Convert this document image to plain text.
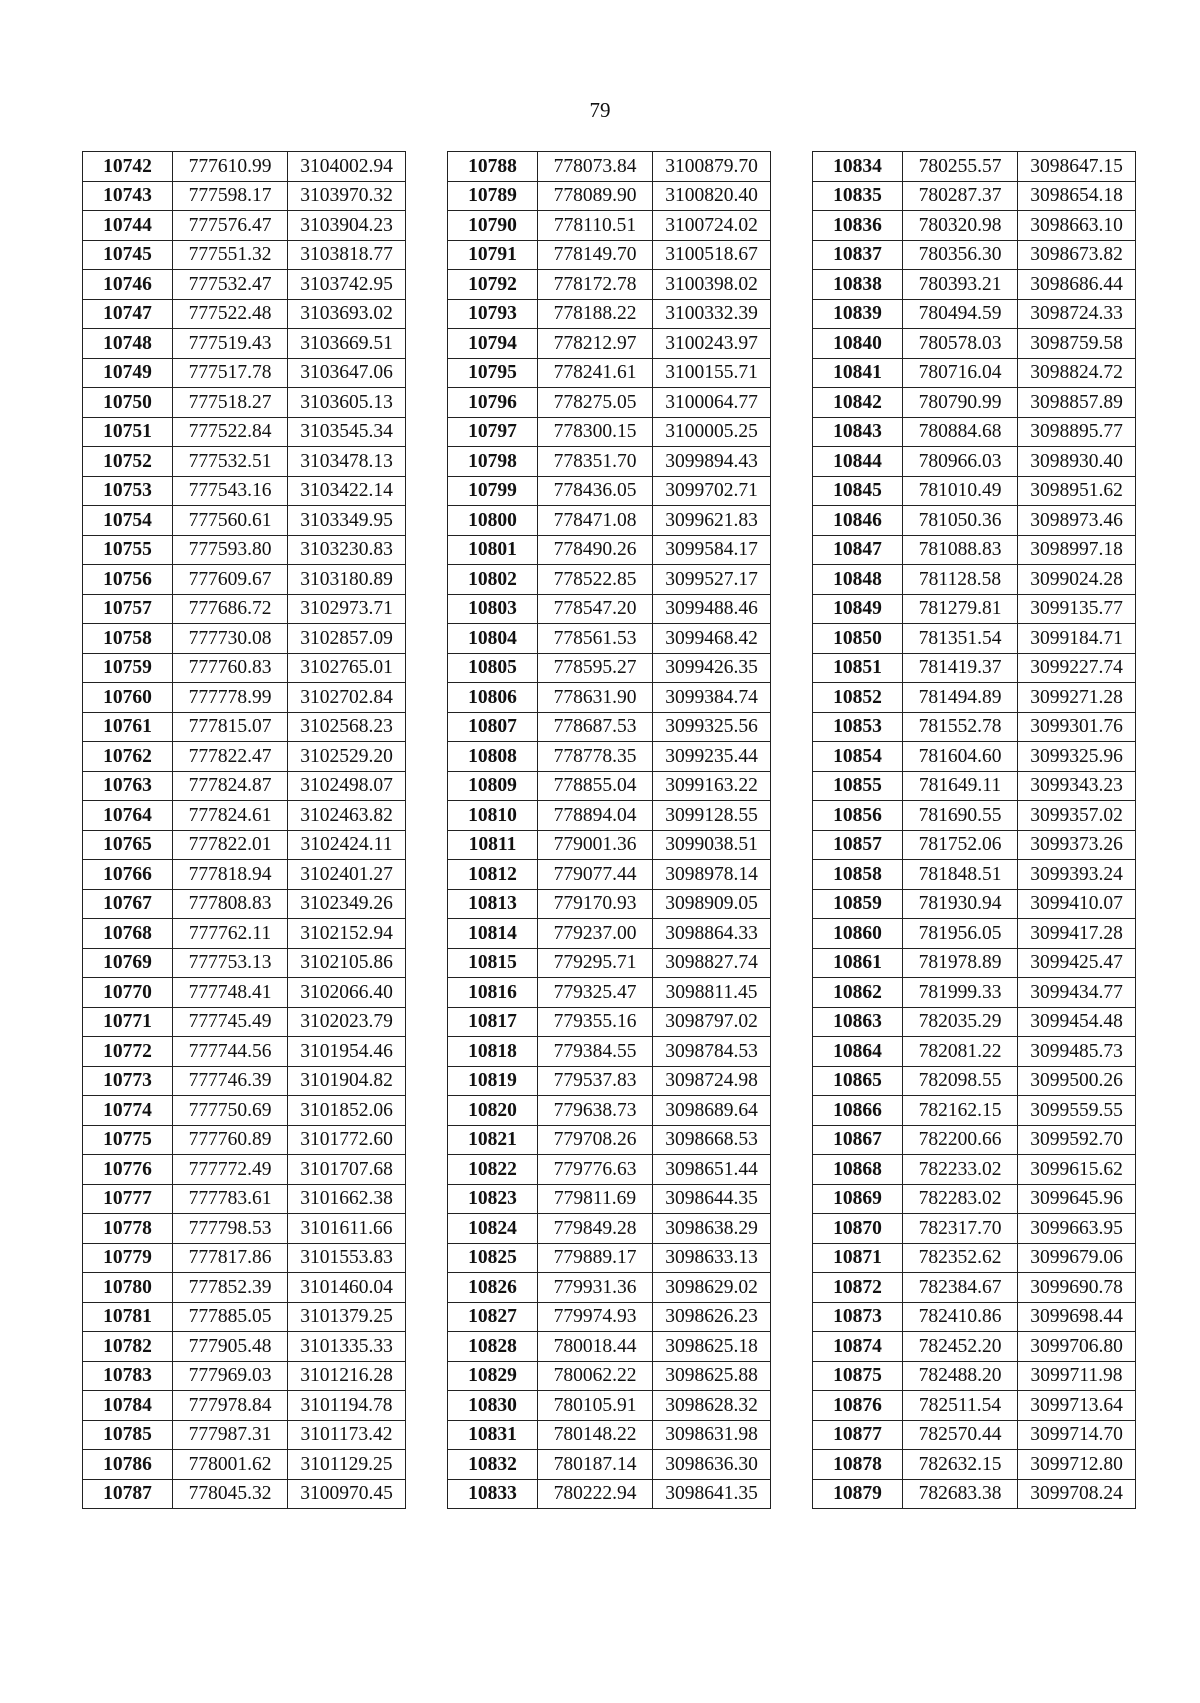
79
10742	777610.99	3104002.94
10743	777598.17	3103970.32
10744	777576.47	3103904.23
10745	777551.32	3103818.77
10746	777532.47	3103742.95
10747	777522.48	3103693.02
10748	777519.43	3103669.51
10749	777517.78	3103647.06
10750	777518.27	3103605.13
10751	777522.84	3103545.34
10752	777532.51	3103478.13
10753	777543.16	3103422.14
10754	777560.61	3103349.95
10755	777593.80	3103230.83
10756	777609.67	3103180.89
10757	777686.72	3102973.71
10758	777730.08	3102857.09
10759	777760.83	3102765.01
10760	777778.99	3102702.84
10761	777815.07	3102568.23
10762	777822.47	3102529.20
10763	777824.87	3102498.07
10764	777824.61	3102463.82
10765	777822.01	3102424.11
10766	777818.94	3102401.27
10767	777808.83	3102349.26
10768	777762.11	3102152.94
10769	777753.13	3102105.86
10770	777748.41	3102066.40
10771	777745.49	3102023.79
10772	777744.56	3101954.46
10773	777746.39	3101904.82
10774	777750.69	3101852.06
10775	777760.89	3101772.60
10776	777772.49	3101707.68
10777	777783.61	3101662.38
10778	777798.53	3101611.66
10779	777817.86	3101553.83
10780	777852.39	3101460.04
10781	777885.05	3101379.25
10782	777905.48	3101335.33
10783	777969.03	3101216.28
10784	777978.84	3101194.78
10785	777987.31	3101173.42
10786	778001.62	3101129.25
10787	778045.32	3100970.45
10788	778073.84	3100879.70
10789	778089.90	3100820.40
10790	778110.51	3100724.02
10791	778149.70	3100518.67
10792	778172.78	3100398.02
10793	778188.22	3100332.39
10794	778212.97	3100243.97
10795	778241.61	3100155.71
10796	778275.05	3100064.77
10797	778300.15	3100005.25
10798	778351.70	3099894.43
10799	778436.05	3099702.71
10800	778471.08	3099621.83
10801	778490.26	3099584.17
10802	778522.85	3099527.17
10803	778547.20	3099488.46
10804	778561.53	3099468.42
10805	778595.27	3099426.35
10806	778631.90	3099384.74
10807	778687.53	3099325.56
10808	778778.35	3099235.44
10809	778855.04	3099163.22
10810	778894.04	3099128.55
10811	779001.36	3099038.51
10812	779077.44	3098978.14
10813	779170.93	3098909.05
10814	779237.00	3098864.33
10815	779295.71	3098827.74
10816	779325.47	3098811.45
10817	779355.16	3098797.02
10818	779384.55	3098784.53
10819	779537.83	3098724.98
10820	779638.73	3098689.64
10821	779708.26	3098668.53
10822	779776.63	3098651.44
10823	779811.69	3098644.35
10824	779849.28	3098638.29
10825	779889.17	3098633.13
10826	779931.36	3098629.02
10827	779974.93	3098626.23
10828	780018.44	3098625.18
10829	780062.22	3098625.88
10830	780105.91	3098628.32
10831	780148.22	3098631.98
10832	780187.14	3098636.30
10833	780222.94	3098641.35
10834	780255.57	3098647.15
10835	780287.37	3098654.18
10836	780320.98	3098663.10
10837	780356.30	3098673.82
10838	780393.21	3098686.44
10839	780494.59	3098724.33
10840	780578.03	3098759.58
10841	780716.04	3098824.72
10842	780790.99	3098857.89
10843	780884.68	3098895.77
10844	780966.03	3098930.40
10845	781010.49	3098951.62
10846	781050.36	3098973.46
10847	781088.83	3098997.18
10848	781128.58	3099024.28
10849	781279.81	3099135.77
10850	781351.54	3099184.71
10851	781419.37	3099227.74
10852	781494.89	3099271.28
10853	781552.78	3099301.76
10854	781604.60	3099325.96
10855	781649.11	3099343.23
10856	781690.55	3099357.02
10857	781752.06	3099373.26
10858	781848.51	3099393.24
10859	781930.94	3099410.07
10860	781956.05	3099417.28
10861	781978.89	3099425.47
10862	781999.33	3099434.77
10863	782035.29	3099454.48
10864	782081.22	3099485.73
10865	782098.55	3099500.26
10866	782162.15	3099559.55
10867	782200.66	3099592.70
10868	782233.02	3099615.62
10869	782283.02	3099645.96
10870	782317.70	3099663.95
10871	782352.62	3099679.06
10872	782384.67	3099690.78
10873	782410.86	3099698.44
10874	782452.20	3099706.80
10875	782488.20	3099711.98
10876	782511.54	3099713.64
10877	782570.44	3099714.70
10878	782632.15	3099712.80
10879	782683.38	3099708.24
